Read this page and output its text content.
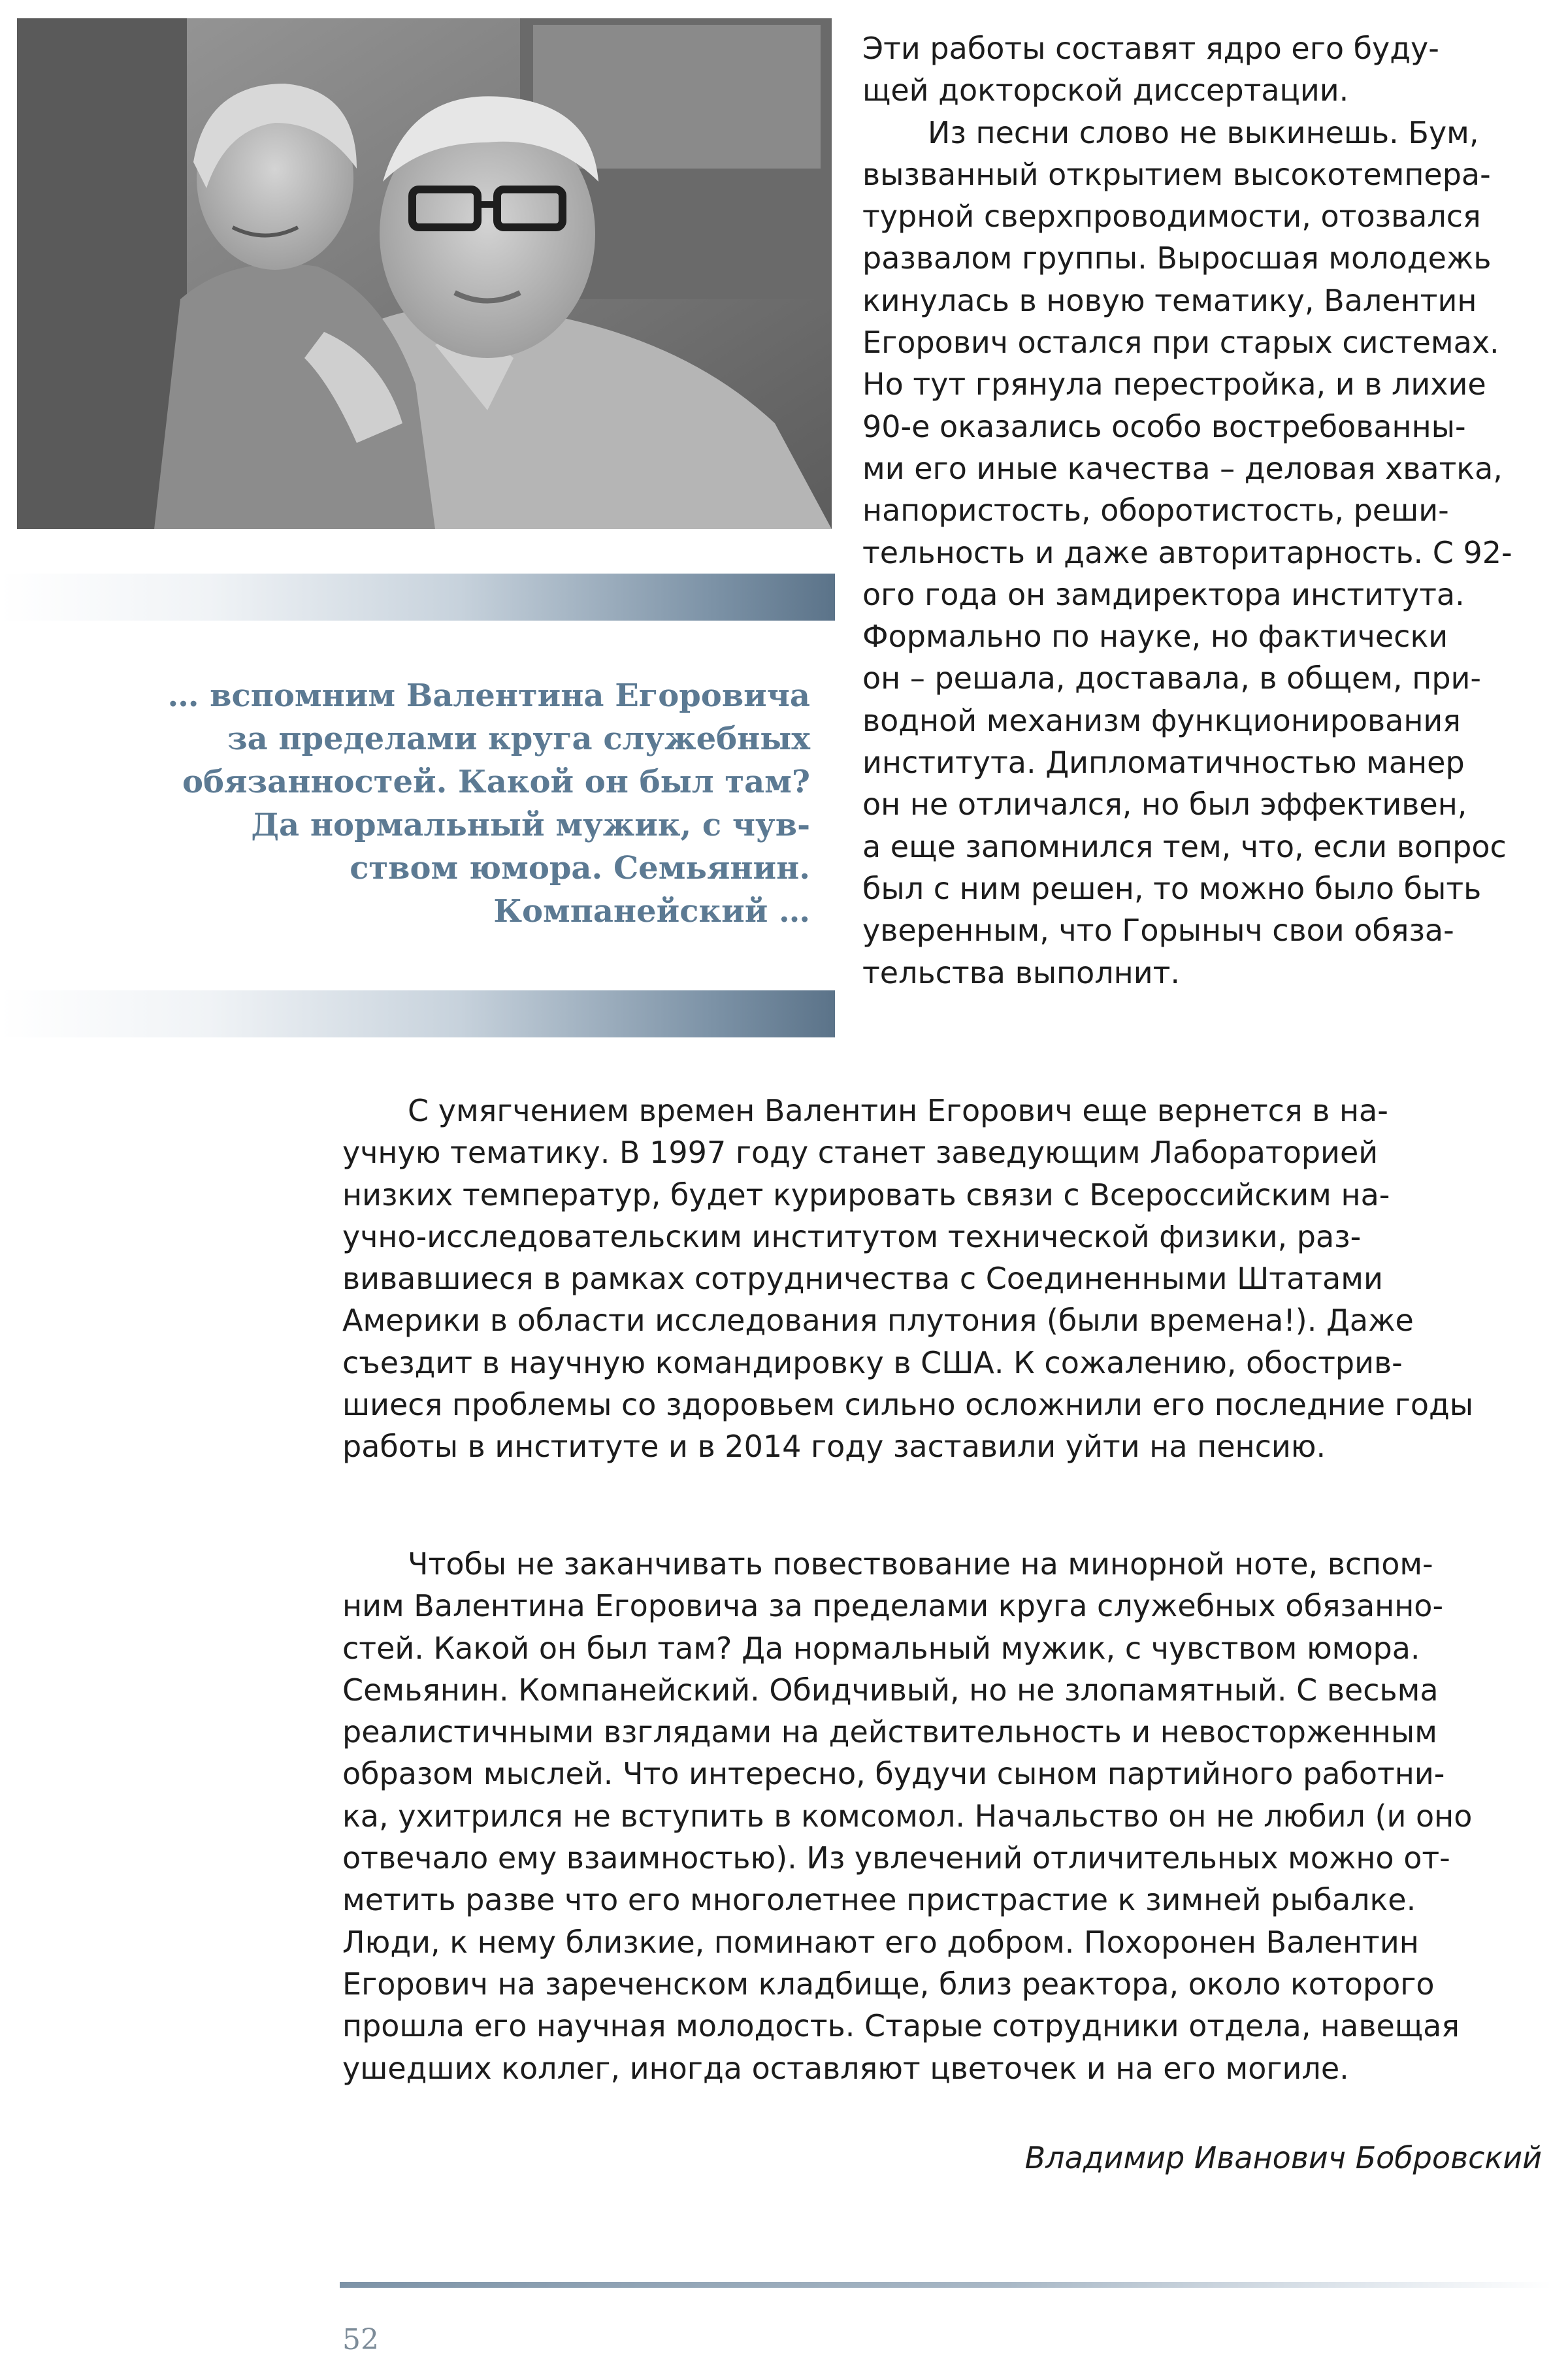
… вспомним Валентина Егоровича
за пределами круга служебных
обязанностей. Какой он был там?
Да нормальный мужик, с чув-
ством юмора. Семьянин.
Компанейский …
Эти работы составят ядро его буду-
щей докторской диссертации.
Из песни слово не выкинешь. Бум,
вызванный открытием высокотемпера-
турной сверхпроводимости, отозвался
развалом группы. Выросшая молодежь
кинулась в новую тематику, Валентин
Егорович остался при старых системах.
Но тут грянула перестройка, и в лихие
90-е оказались особо востребованны-
ми его иные качества – деловая хватка,
напористость, оборотистость, реши-
тельность и даже авторитарность. С 92-
ого года он замдиректора института.
Формально по науке, но фактически
он – решала, доставала, в общем, при-
водной механизм функционирования
института. Дипломатичностью манер
он не отличался, но был эффективен,
а еще запомнился тем, что, если вопрос
был с ним решен, то можно было быть
уверенным, что Горыныч свои обяза-
тельства выполнит.
С умягчением времен Валентин Егорович еще вернется в на-
учную тематику. В 1997 году станет заведующим Лабораторией
низких температур, будет курировать связи с Всероссийским на-
учно-исследовательским институтом технической физики, раз-
вивавшиеся в рамках сотрудничества с Соединенными Штатами
Америки в области исследования плутония (были времена!). Даже
съездит в научную командировку в США. К сожалению, обострив-
шиеся проблемы со здоровьем сильно осложнили его последние годы
работы в институте и в 2014 году заставили уйти на пенсию.
Чтобы не заканчивать повествование на минорной ноте, вспом-
ним Валентина Егоровича за пределами круга служебных обязанно-
стей. Какой он был там? Да нормальный мужик, с чувством юмора.
Семьянин. Компанейский. Обидчивый, но не злопамятный. С весьма
реалистичными взглядами на действительность и невосторженным
образом мыслей. Что интересно, будучи сыном партийного работни-
ка, ухитрился не вступить в комсомол. Начальство он не любил (и оно
отвечало ему взаимностью). Из увлечений отличительных можно от-
метить разве что его многолетнее пристрастие к зимней рыбалке.
Люди, к нему близкие, поминают его добром. Похоронен Валентин
Егорович на зареченском кладбище, близ реактора, около которого
прошла его научная молодость. Старые сотрудники отдела, навещая
ушедших коллег, иногда оставляют цветочек и на его могиле.
Владимир Иванович Бобровский
52
